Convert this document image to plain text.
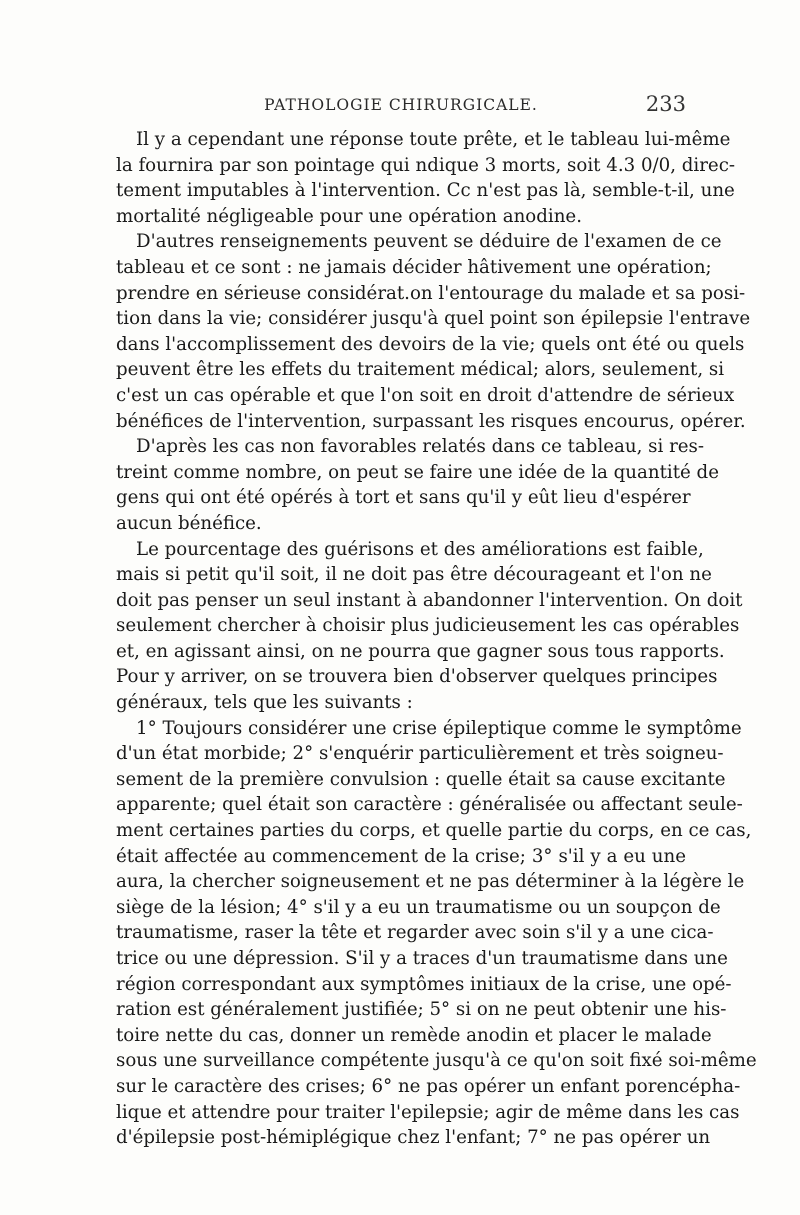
PATHOLOGIE CHIRURGICALE.	233
Il y a cependant une réponse toute prête, et le tableau lui-même
la fournira par son pointage qui ndique 3 morts, soit 4.3 0/0, direc-
tement imputables à l'intervention. Cc n'est pas là, semble-t-il, une
mortalité négligeable pour une opération anodine.
D'autres renseignements peuvent se déduire de l'examen de ce
tableau et ce sont : ne jamais décider hâtivement une opération;
prendre en sérieuse considérat.on l'entourage du malade et sa posi-
tion dans la vie; considérer jusqu'à quel point son épilepsie l'entrave
dans l'accomplissement des devoirs de la vie; quels ont été ou quels
peuvent être les effets du traitement médical; alors, seulement, si
c'est un cas opérable et que l'on soit en droit d'attendre de sérieux
bénéfices de l'intervention, surpassant les risques encourus, opérer.
D'après les cas non favorables relatés dans ce tableau, si res-
treint comme nombre, on peut se faire une idée de la quantité de
gens qui ont été opérés à tort et sans qu'il y eût lieu d'espérer
aucun bénéfice.
Le pourcentage des guérisons et des améliorations est faible,
mais si petit qu'il soit, il ne doit pas être décourageant et l'on ne
doit pas penser un seul instant à abandonner l'intervention. On doit
seulement chercher à choisir plus judicieusement les cas opérables
et, en agissant ainsi, on ne pourra que gagner sous tous rapports.
Pour y arriver, on se trouvera bien d'observer quelques principes
généraux, tels que les suivants :
1° Toujours considérer une crise épileptique comme le symptôme
d'un état morbide; 2° s'enquérir particulièrement et très soigneu-
sement de la première convulsion : quelle était sa cause excitante
apparente; quel était son caractère : généralisée ou affectant seule-
ment certaines parties du corps, et quelle partie du corps, en ce cas,
était affectée au commencement de la crise; 3° s'il y a eu une
aura, la chercher soigneusement et ne pas déterminer à la légère le
siège de la lésion; 4° s'il y a eu un traumatisme ou un soupçon de
traumatisme, raser la tête et regarder avec soin s'il y a une cica-
trice ou une dépression. S'il y a traces d'un traumatisme dans une
région correspondant aux symptômes initiaux de la crise, une opé-
ration est généralement justifiée; 5° si on ne peut obtenir une his-
toire nette du cas, donner un remède anodin et placer le malade
sous une surveillance compétente jusqu'à ce qu'on soit fixé soi-même
sur le caractère des crises; 6° ne pas opérer un enfant porencépha-
lique et attendre pour traiter l'epilepsie; agir de même dans les cas
d'épilepsie post-hémiplégique chez l'enfant; 7° ne pas opérer un
